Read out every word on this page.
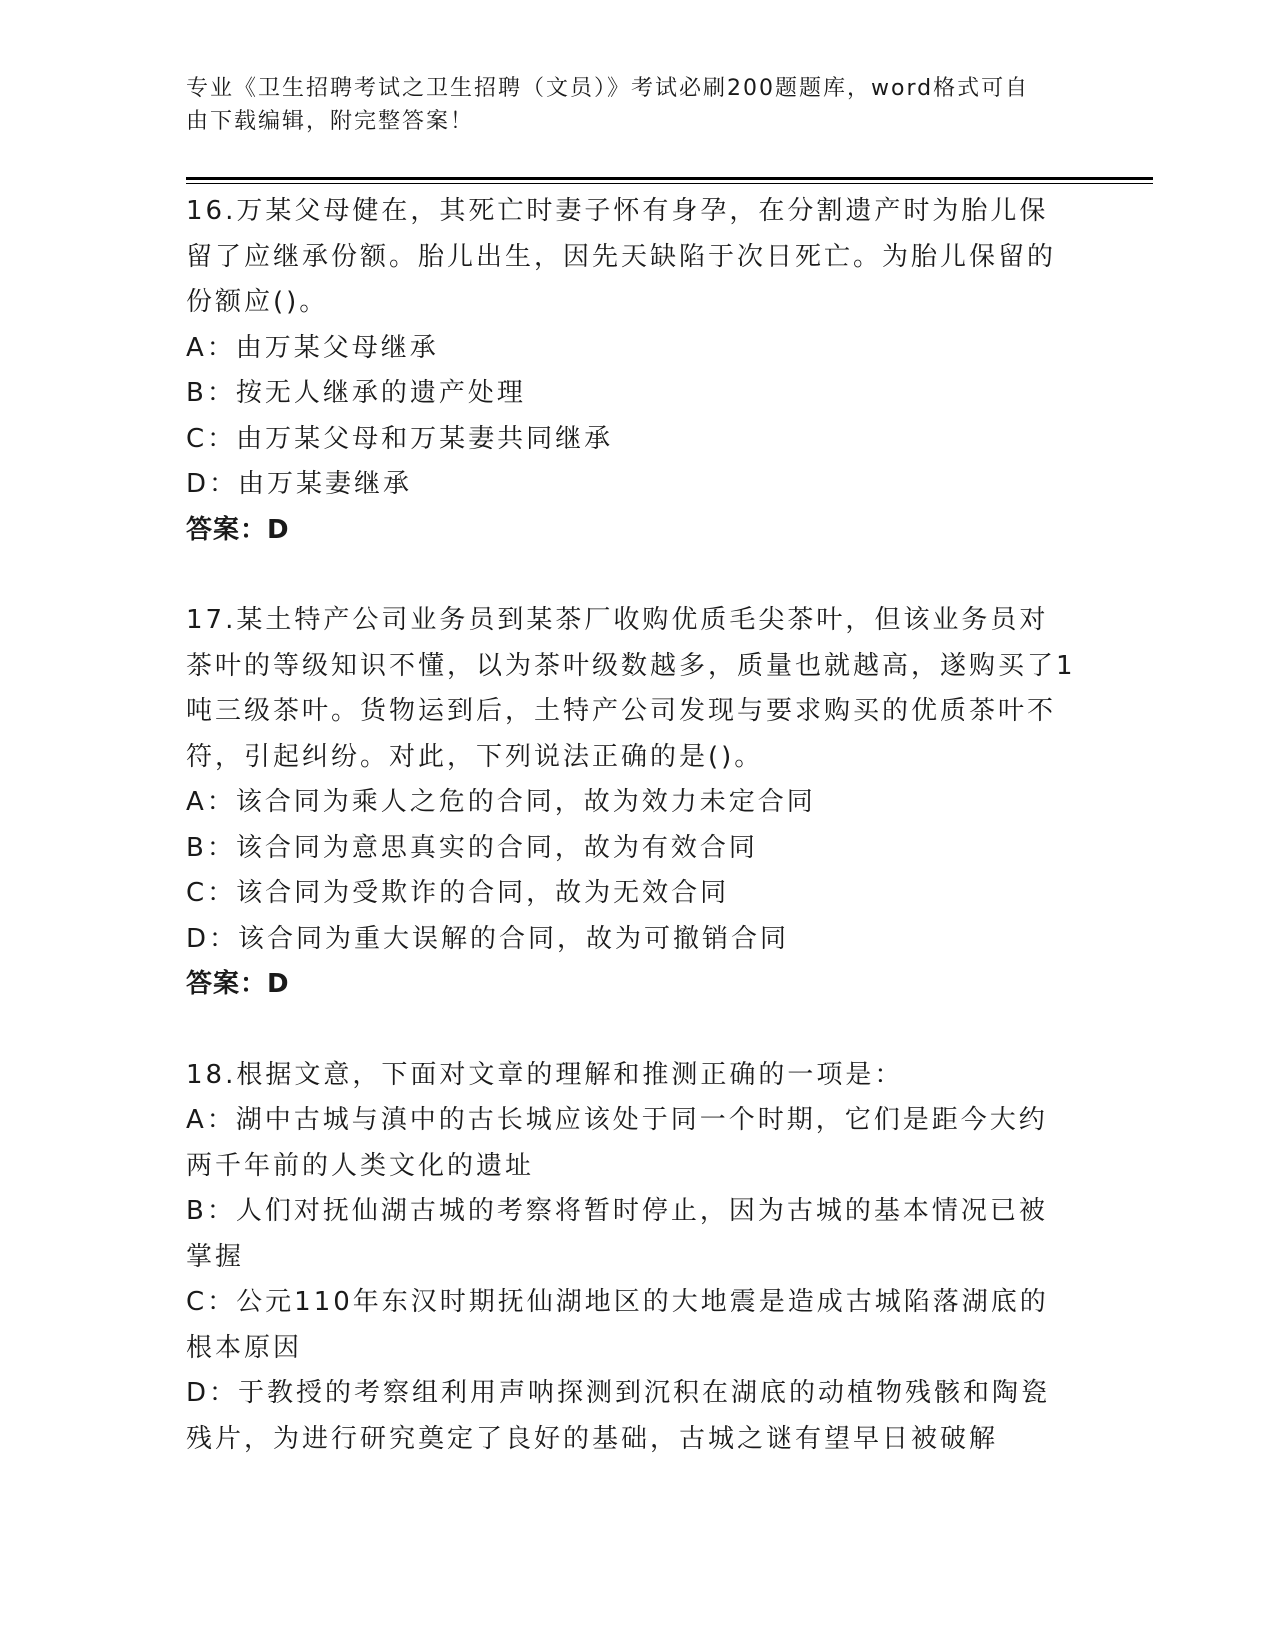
专业《卫生招聘考试之卫生招聘（文员）》考试必刷200题题库，word格式可自
由下载编辑，附完整答案！

16.万某父母健在，其死亡时妻子怀有身孕，在分割遗产时为胎儿保留了应继承份额。胎儿出生，因先天缺陷于次日死亡。为胎儿保留的份额应()。

A：由万某父母继承
B：按无人继承的遗产处理
C：由万某父母和万某妻共同继承
D：由万某妻继承
答案：D

17.某土特产公司业务员到某茶厂收购优质毛尖茶叶，但该业务员对茶叶的等级知识不懂，以为茶叶级数越多，质量也就越高，遂购买了1吨三级茶叶。货物运到后，土特产公司发现与要求购买的优质茶叶不符，引起纠纷。对此，下列说法正确的是()。

A：该合同为乘人之危的合同，故为效力未定合同
B：该合同为意思真实的合同，故为有效合同
C：该合同为受欺诈的合同，故为无效合同
D：该合同为重大误解的合同，故为可撤销合同
答案：D

18.根据文意，下面对文章的理解和推测正确的一项是：

A：湖中古城与滇中的古长城应该处于同一个时期，它们是距今大约两千年前的人类文化的遗址
B：人们对抚仙湖古城的考察将暂时停止，因为古城的基本情况已被掌握
C：公元110年东汉时期抚仙湖地区的大地震是造成古城陷落湖底的根本原因
D：于教授的考察组利用声呐探测到沉积在湖底的动植物残骸和陶瓷残片，为进行研究奠定了良好的基础，古城之谜有望早日被破解
